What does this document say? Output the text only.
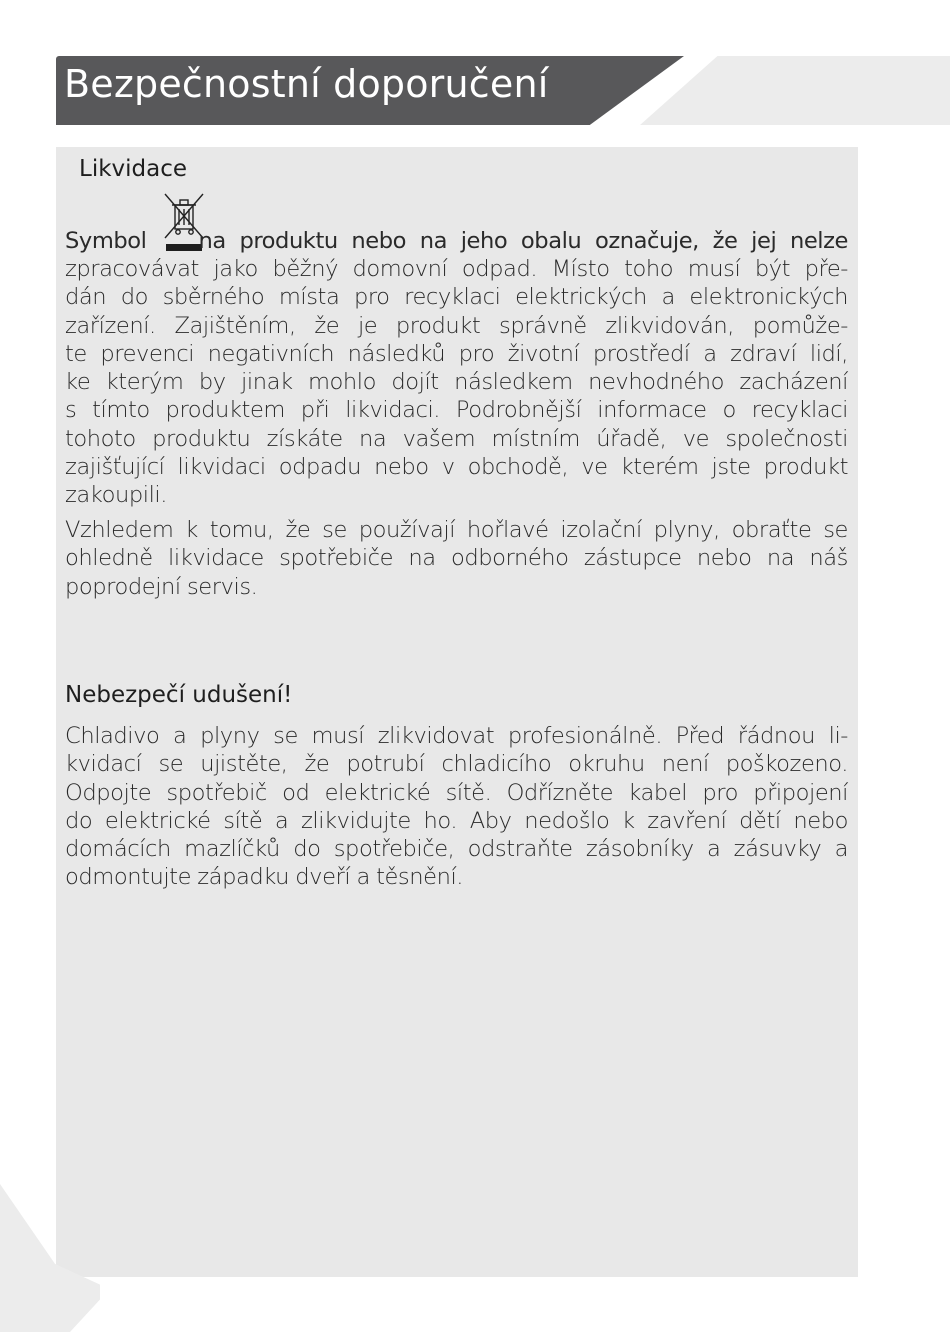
Bezpečnostní doporučení
Likvidace
Symbol na produktu nebo na jeho obalu označuje, že jej nelze
zpracovávat jako běžný domovní odpad. Místo toho musí být pře-
dán do sběrného místa pro recyklaci elektrických a elektronických
zařízení. Zajištěním, že je produkt správně zlikvidován, pomůže-
te prevenci negativních následků pro životní prostředí a zdraví lidí,
ke kterým by jinak mohlo dojít následkem nevhodného zacházení
s tímto produktem při likvidaci. Podrobnější informace o recyklaci
tohoto produktu získáte na vašem místním úřadě, ve společnosti
zajišťující likvidaci odpadu nebo v obchodě, ve kterém jste produkt
zakoupili.
Vzhledem k tomu, že se používají hořlavé izolační plyny, obraťte se
ohledně likvidace spotřebiče na odborného zástupce nebo na náš
poprodejní servis.
Nebezpečí udušení!
Chladivo a plyny se musí zlikvidovat profesionálně. Před řádnou li-
kvidací se ujistěte, že potrubí chladicího okruhu není poškozeno.
Odpojte spotřebič od elektrické sítě. Odřízněte kabel pro připojení
do elektrické sítě a zlikvidujte ho. Aby nedošlo k zavření dětí nebo
domácích mazlíčků do spotřebiče, odstraňte zásobníky a zásuvky a
odmontujte západku dveří a těsnění.
